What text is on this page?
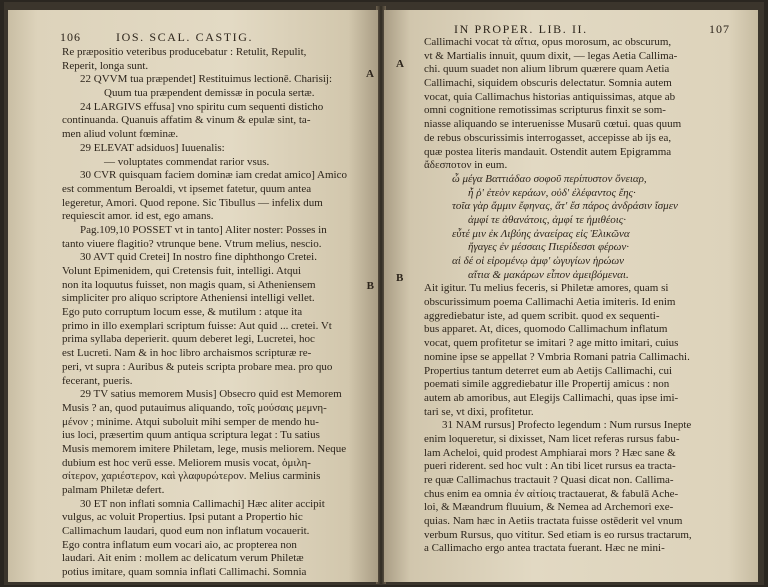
106	IOS. SCAL. CASTIG.
A
B
Re præpositio veteribus producebatur : Retulit, Repulit,
Reperit, longa sunt.
22 QVVM tua præpendet] Restituimus lectionē. Charisij:
Quum tua præpendent demissæ in pocula sertæ.
24 LARGIVS effusa] vno spiritu cum sequenti disticho
continuanda. Quanuis affatim & vinum & epulæ sint, ta-
men aliud volunt fœminæ.
29 ELEVAT adsiduos] Iuuenalis:
— voluptates commendat rarior vsus.
30 CVR quisquam faciem dominæ iam credat amico] Amico
est commentum Beroaldi, vt ipsemet fatetur, quum antea
legeretur, Amori. Quod repone. Sic Tibullus — infelix dum
requiescit amor. id est, ego amans.
Pag.109,10 POSSET vt in tanto] Aliter noster: Posses in
tanto viuere flagitio? vtrunque bene. Vtrum melius, nescio.
30 AVT quid Cretei] In nostro fine diphthongo Cretei.
Volunt Epimenidem, qui Cretensis fuit, intelligi. Atqui
non ita loquutus fuisset, non magis quam, si Atheniensem
simpliciter pro aliquo scriptore Atheniensi intelligi vellet.
Ego puto corruptum locum esse, & mutilum : atque ita
primo in illo exemplari scriptum fuisse: Aut quid ... cretei. Vt
prima syllaba deperierit. quum deberet legi, Lucretei, hoc
est Lucreti. Nam & in hoc libro archaismos scripturæ re-
peri, vt supra : Auribus & puteis scripta probare mea. pro quo
fecerant, pueris.
29 TV satius memorem Musis] Obsecro quid est Memorem
Musis ? an, quod putauimus aliquando, τοῖς μούσαις μεμνη-
μένον ; minime. Atqui suboluit mihi semper de mendo hu-
ius loci, præsertim quum antiqua scriptura legat : Tu satius
Musis memorem imitere Philetam, lege, musis meliorem. Neque
dubium est hoc verū esse. Meliorem musis vocat, ὁμιλη-
σίτερον, χαριέστερον, καὶ γλαφυρώτερον. Melius carminis
palmam Philetæ defert.
30 ET non inflati somnia Callimachi] Hæc aliter accipit
vulgus, ac voluit Propertius. Ipsi putant a Propertio hic
Callimachum laudari, quod eum non inflatum vocauerit.
Ego contra inflatum eum vocari aio, ac propterea non
laudari. Ait enim : mollem ac delicatum verum Philetæ
potius imitare, quam somnia inflati Callimachi. Somnia
IN PROPER. LIB. II.	107
A
B
Callimachi vocat τὰ αἴτια, opus morosum, ac obscurum,
vt & Martialis innuit, quum dixit, — legas Aetia Callima-
chi. quum suadet non alium librum quærere quam Aetia
Callimachi, siquidem obscuris delectatur. Somnia autem
vocat, quia Callimachus historias antiquissimas, atque ab
omni cognitione remotissimas scripturus finxit se som-
niasse aliquando se interuenisse Musarū cœtui. quas quum
de rebus obscurissimis interrogasset, accepisse ab ijs ea,
quæ postea literis mandauit. Ostendit autem Epigramma
ἄδεσποτον in eum.
ὦ μέγα Βαττιάδαο σοφοῦ περίπυστον ὄνειαρ,
ἦ ῥ' ἐτεὸν κεράων, οὐδ' ἐλέφαντος ἔης·
τοῖα γὰρ ἄμμιν ἔφηνας, ἅτ' ἔσ πάρος ἀνδράσιν ἴσμεν
ἀμφί τε ἀθανάτοις, ἀμφί τε ἡμιθέοις·
εὖτέ μιν ἐκ Λιβύης ἀναείρας εἰς Ἑλικῶνα
ἤγαγες ἐν μέσσαις Πιερίδεσσι φέρων·
αἱ δέ οἱ εἰρομένῳ ἀμφ' ὠγυγίων ἡρώων
αἴτια & μακάρων εἶπον ἀμειβόμεναι.
Ait igitur. Tu melius feceris, si Philetæ amores, quam si
obscurissimum poema Callimachi Aetia imiteris. Id enim
aggrediebatur iste, ad quem scribit. quod ex sequenti-
bus apparet. At, dices, quomodo Callimachum inflatum
vocat, quem profitetur se imitari ? age mitto imitari, cuius
nomine ipse se appellat ? Vmbria Romani patria Callimachi.
Propertius tantum deterret eum ab Aetijs Callimachi, cui
poemati simile aggrediebatur ille Propertij amicus : non
autem ab amoribus, aut Elegijs Callimachi, quas ipse imi-
tari se, vt dixi, profitetur.
31 NAM rursus] Profecto legendum : Num rursus Inepte
enim loqueretur, si dixisset, Nam licet referas rursus fabu-
lam Acheloi, quid prodest Amphiarai mors ? Hæc sane &
pueri riderent. sed hoc vult : An tibi licet rursus ea tracta-
re quæ Callimachus tractauit ? Quasi dicat non. Callima-
chus enim ea omnia ἐν αἰτίοις tractauerat, & fabulā Ache-
loi, & Mæandrum fluuium, & Nemea ad Archemori exe-
quias. Nam hæc in Aetiis tractata fuisse ostēderit vel vnum
verbum Rursus, quo vititur. Sed etiam is eo rursus tractarum,
a Callimacho ergo antea tractata fuerant. Hæc ne mini-
